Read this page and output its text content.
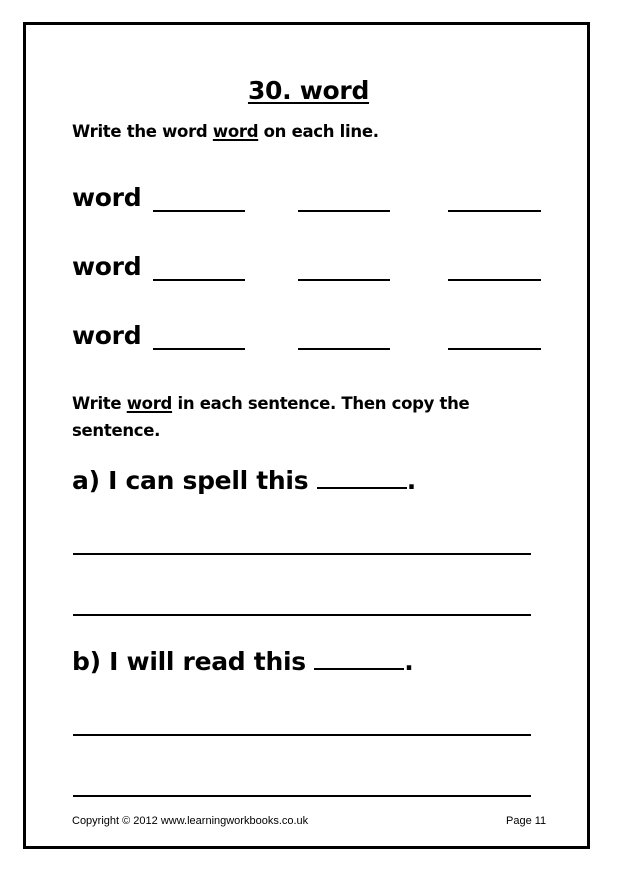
30. word
Write the word word on each line.
word
word
word
Write word in each sentence. Then copy the
sentence.
a) I can spell this	.
b) I will read this	.
Copyright © 2012 www.learningworkbooks.co.uk	Page 11
